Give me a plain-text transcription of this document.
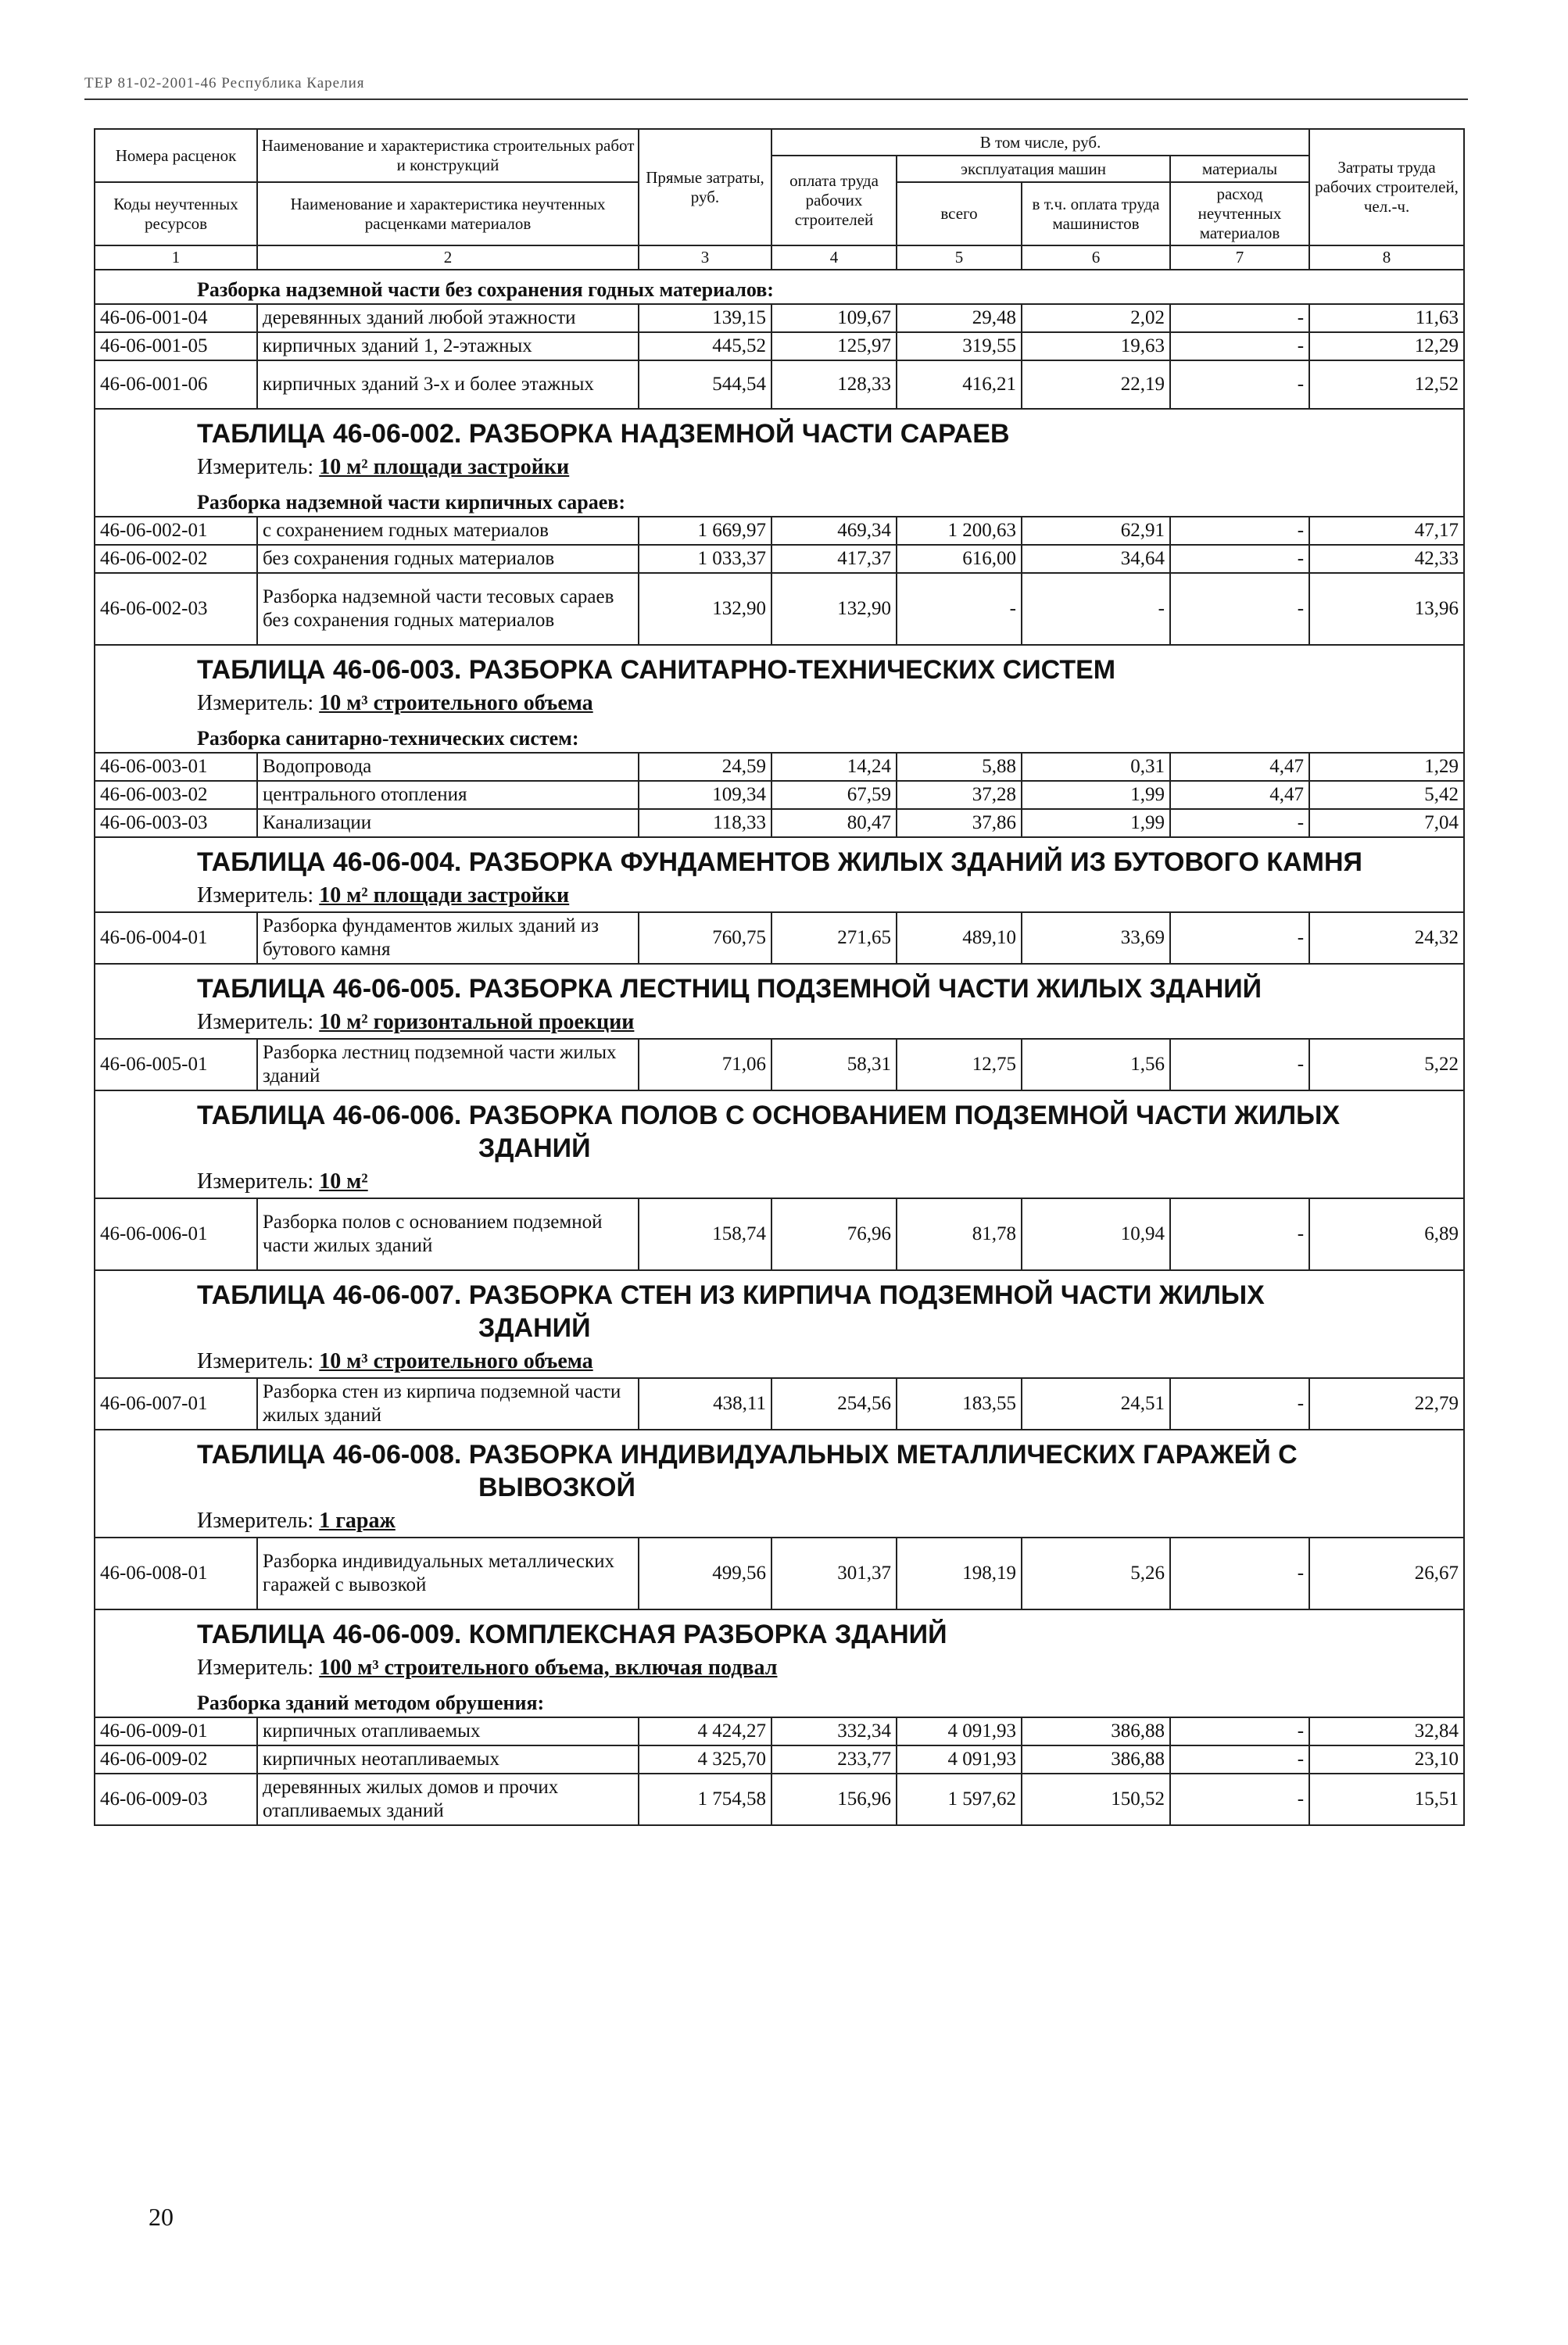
ТЕР 81-02-2001-46 Республика Карелия
Номера расценок	Наименование и характеристика строительных работ и конструкций	Прямые затраты, руб.	В том числе, руб.				Затраты труда рабочих строителей, чел.-ч.
			оплата труда рабочих строителей	эксплуатация машин		материалы	
Коды неучтенных ресурсов	Наименование и характеристика неучтенных расценками материалов			всего	в т.ч. оплата труда машинистов	расход неучтенных материалов	

1	2	3	4	5	6	7	8
Разборка надземной части без сохранения годных материалов:							
46-06-001-04	деревянных зданий любой этажности	139,15	109,67	29,48	2,02	-	11,63
46-06-001-05	кирпичных зданий 1, 2-этажных	445,52	125,97	319,55	19,63	-	12,29
46-06-001-06	кирпичных зданий 3-х и более этажных	544,54	128,33	416,21	22,19	-	12,52
ТАБЛИЦА 46-06-002. РАЗБОРКА НАДЗЕМНОЙ ЧАСТИ САРАЕВ							
Измеритель: 10 м² площади застройки							
Разборка надземной части кирпичных сараев:							
46-06-002-01	с сохранением годных материалов	1 669,97	469,34	1 200,63	62,91	-	47,17
46-06-002-02	без сохранения годных материалов	1 033,37	417,37	616,00	34,64	-	42,33
46-06-002-03	Разборка надземной части тесовых сараев без сохранения годных материалов	132,90	132,90	-	-	-	13,96
ТАБЛИЦА 46-06-003. РАЗБОРКА САНИТАРНО-ТЕХНИЧЕСКИХ СИСТЕМ							
Измеритель: 10 м³ строительного объема							
Разборка санитарно-технических систем:							
46-06-003-01	Водопровода	24,59	14,24	5,88	0,31	4,47	1,29
46-06-003-02	центрального отопления	109,34	67,59	37,28	1,99	4,47	5,42
46-06-003-03	Канализации	118,33	80,47	37,86	1,99	-	7,04
ТАБЛИЦА 46-06-004. РАЗБОРКА ФУНДАМЕНТОВ ЖИЛЫХ ЗДАНИЙ ИЗ БУТОВОГО КАМНЯ							
Измеритель: 10 м² площади застройки							
46-06-004-01	Разборка фундаментов жилых зданий из бутового камня	760,75	271,65	489,10	33,69	-	24,32
ТАБЛИЦА 46-06-005. РАЗБОРКА ЛЕСТНИЦ ПОДЗЕМНОЙ ЧАСТИ ЖИЛЫХ ЗДАНИЙ							
Измеритель: 10 м² горизонтальной проекции							
46-06-005-01	Разборка лестниц подземной части жилых зданий	71,06	58,31	12,75	1,56	-	5,22
ТАБЛИЦА 46-06-006. РАЗБОРКА ПОЛОВ С ОСНОВАНИЕМ ПОДЗЕМНОЙ ЧАСТИ ЖИЛЫХ
ЗДАНИЙ							

Измеритель: 10 м²							
46-06-006-01	Разборка полов с основанием подземной части жилых зданий	158,74	76,96	81,78	10,94	-	6,89
ТАБЛИЦА 46-06-007. РАЗБОРКА СТЕН ИЗ КИРПИЧА ПОДЗЕМНОЙ ЧАСТИ ЖИЛЫХ
ЗДАНИЙ							

Измеритель: 10 м³ строительного объема							
46-06-007-01	Разборка стен из кирпича подземной части жилых зданий	438,11	254,56	183,55	24,51	-	22,79
ТАБЛИЦА 46-06-008. РАЗБОРКА ИНДИВИДУАЛЬНЫХ МЕТАЛЛИЧЕСКИХ ГАРАЖЕЙ С
ВЫВОЗКОЙ							

Измеритель: 1 гараж							
46-06-008-01	Разборка индивидуальных металлических гаражей с вывозкой	499,56	301,37	198,19	5,26	-	26,67
ТАБЛИЦА 46-06-009. КОМПЛЕКСНАЯ РАЗБОРКА ЗДАНИЙ							
Измеритель: 100 м³ строительного объема, включая подвал							
Разборка зданий методом обрушения:							
46-06-009-01	кирпичных отапливаемых	4 424,27	332,34	4 091,93	386,88	-	32,84
46-06-009-02	кирпичных неотапливаемых	4 325,70	233,77	4 091,93	386,88	-	23,10
46-06-009-03	деревянных жилых домов и прочих отапливаемых зданий	1 754,58	156,96	1 597,62	150,52	-	15,51
20
